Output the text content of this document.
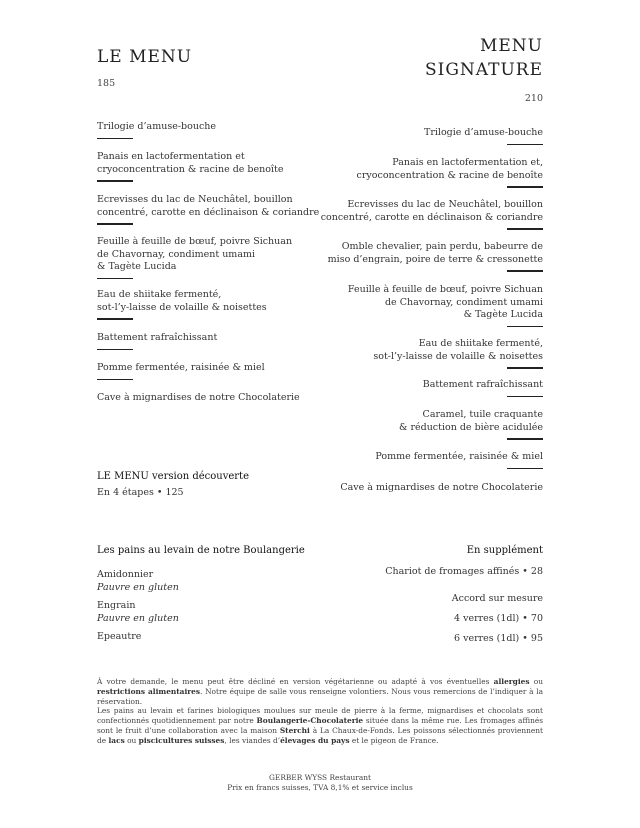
LE MENU
185
Trilogie d’amuse-bouche
Panais en lactofermentation et
cryoconcentration & racine de benoîte
Ecrevisses du lac de Neuchâtel, bouillon
concentré, carotte en déclinaison & coriandre
Feuille à feuille de bœuf, poivre Sichuan
de Chavornay, condiment umami
& Tagète Lucida
Eau de shiitake fermenté,
sot-l’y-laisse de volaille & noisettes
Battement rafraîchissant
Pomme fermentée, raisinée & miel
Cave à mignardises de notre Chocolaterie
LE MENU version découverte
En 4 étapes • 125
MENU
SIGNATURE
210
Trilogie d’amuse-bouche
Panais en lactofermentation et,
cryoconcentration & racine de benoîte
Ecrevisses du lac de Neuchâtel, bouillon
concentré, carotte en déclinaison & coriandre
Omble chevalier, pain perdu, babeurre de
miso d’engrain, poire de terre & cressonette
Feuille à feuille de bœuf, poivre Sichuan
de Chavornay, condiment umami
& Tagète Lucida
Eau de shiitake fermenté,
sot-l’y-laisse de volaille & noisettes
Battement rafraîchissant
Caramel, tuile craquante
& réduction de bière acidulée
Pomme fermentée, raisinée & miel
Cave à mignardises de notre Chocolaterie
Les pains au levain de notre Boulangerie
Amidonnier
Pauvre en gluten
Engrain
Pauvre en gluten
Epeautre
En supplément
Chariot de fromages affinés • 28
Accord sur mesure
4 verres (1dl) • 70
6 verres (1dl) • 95
À votre demande, le menu peut être décliné en version végétarienne ou adapté à vos éventuelles allergies ou restrictions alimentaires. Notre équipe de salle vous renseigne volontiers. Nous vous remercions de l’indiquer à la réservation.
Les pains au levain et farines biologiques moulues sur meule de pierre à la ferme, mignardises et chocolats sont confectionnés quotidiennement par notre Boulangerie-Chocolaterie située dans la même rue. Les fromages affinés sont le fruit d’une collaboration avec la maison Sterchi à La Chaux-de-Fonds. Les poissons sélectionnés proviennent de lacs ou piscicultures suisses, les viandes d’élevages du pays et le pigeon de France.
GERBER WYSS Restaurant
Prix en francs suisses, TVA 8,1% et service inclus
